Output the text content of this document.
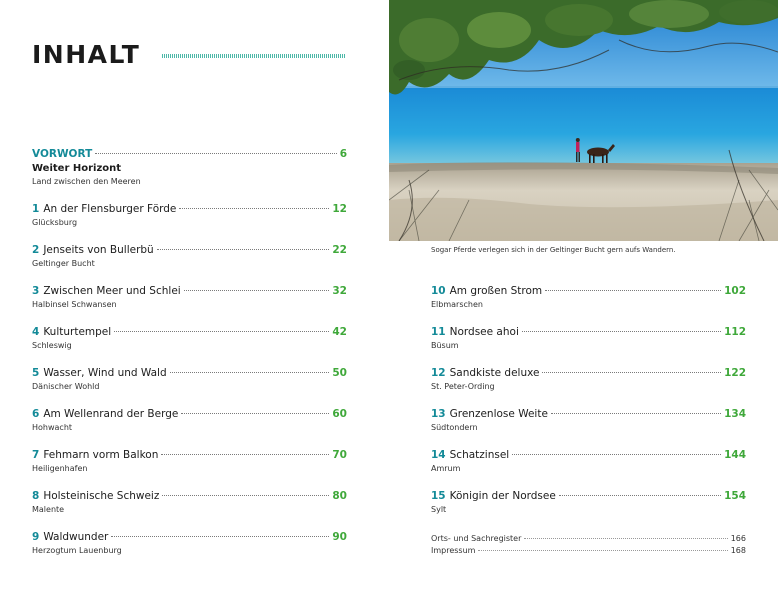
INHALT
VORWORT	6
Weiter Horizont
Land zwischen den Meeren
1 An der Flensburger Förde	12
Glücksburg
2 Jenseits von Bullerbü	22
Geltinger Bucht
3 Zwischen Meer und Schlei	32
Halbinsel Schwansen
4 Kulturtempel	42
Schleswig
5 Wasser, Wind und Wald	50
Dänischer Wohld
6 Am Wellenrand der Berge	60
Hohwacht
7 Fehmarn vorm Balkon	70
Heiligenhafen
8 Holsteinische Schweiz	80
Malente
9 Waldwunder	90
Herzogtum Lauenburg
Sogar Pferde verlegen sich in der Geltinger Bucht gern aufs Wandern.
10 Am großen Strom	102
Elbmarschen
11 Nordsee ahoi	112
Büsum
12 Sandkiste deluxe	122
St. Peter-Ording
13 Grenzenlose Weite	134
Südtondern
14 Schatzinsel	144
Amrum
15 Königin der Nordsee	154
Sylt
Orts- und Sachregister	166
Impressum	168
